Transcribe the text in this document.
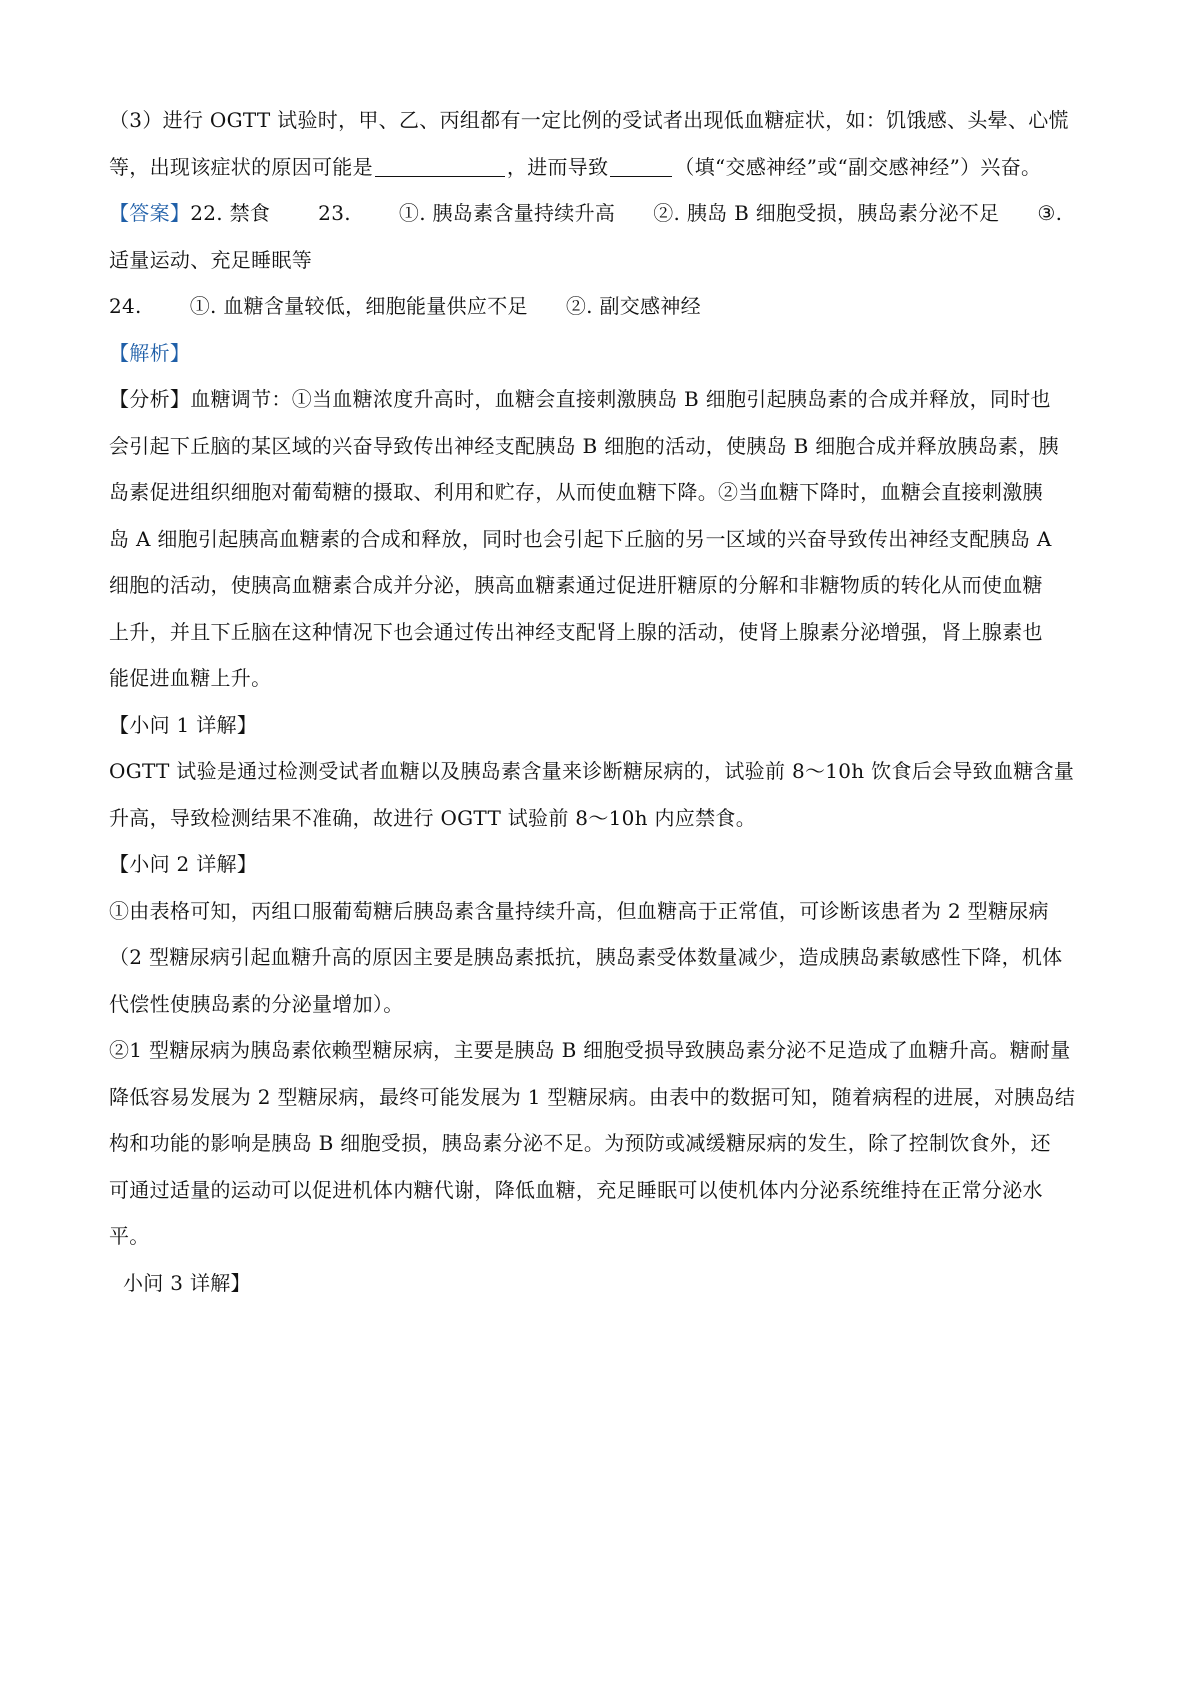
（3）进行 OGTT 试验时，甲、乙、丙组都有一定比例的受试者出现低血糖症状，如：饥饿感、头晕、心慌
等，出现该症状的原因可能是	，进而导致	（填“交感神经”或“副交感神经”）兴奋。
【答案】22. 禁食 23. ①. 胰岛素含量持续升高 ②. 胰岛 B 细胞受损，胰岛素分泌不足 ③.
适量运动、充足睡眠等
24. ①. 血糖含量较低，细胞能量供应不足 ②. 副交感神经
【解析】
【分析】血糖调节：①当血糖浓度升高时，血糖会直接刺激胰岛 B 细胞引起胰岛素的合成并释放，同时也
会引起下丘脑的某区域的兴奋导致传出神经支配胰岛 B 细胞的活动，使胰岛 B 细胞合成并释放胰岛素，胰
岛素促进组织细胞对葡萄糖的摄取、利用和贮存，从而使血糖下降。②当血糖下降时，血糖会直接刺激胰
岛 A 细胞引起胰高血糖素的合成和释放，同时也会引起下丘脑的另一区域的兴奋导致传出神经支配胰岛 A
细胞的活动，使胰高血糖素合成并分泌，胰高血糖素通过促进肝糖原的分解和非糖物质的转化从而使血糖
上升，并且下丘脑在这种情况下也会通过传出神经支配肾上腺的活动，使肾上腺素分泌增强，肾上腺素也
能促进血糖上升。
【小问 1 详解】
OGTT 试验是通过检测受试者血糖以及胰岛素含量来诊断糖尿病的，试验前 8～10h 饮食后会导致血糖含量
升高，导致检测结果不准确，故进行 OGTT 试验前 8～10h 内应禁食。
【小问 2 详解】
①由表格可知，丙组口服葡萄糖后胰岛素含量持续升高，但血糖高于正常值，可诊断该患者为 2 型糖尿病
（2 型糖尿病引起血糖升高的原因主要是胰岛素抵抗，胰岛素受体数量减少，造成胰岛素敏感性下降，机体
代偿性使胰岛素的分泌量增加）。
②1 型糖尿病为胰岛素依赖型糖尿病，主要是胰岛 B 细胞受损导致胰岛素分泌不足造成了血糖升高。糖耐量
降低容易发展为 2 型糖尿病，最终可能发展为 1 型糖尿病。由表中的数据可知，随着病程的进展，对胰岛结
构和功能的影响是胰岛 B 细胞受损，胰岛素分泌不足。为预防或减缓糖尿病的发生，除了控制饮食外，还
可通过适量的运动可以促进机体内糖代谢，降低血糖，充足睡眠可以使机体内分泌系统维持在正常分泌水
平。
小问 3 详解】
